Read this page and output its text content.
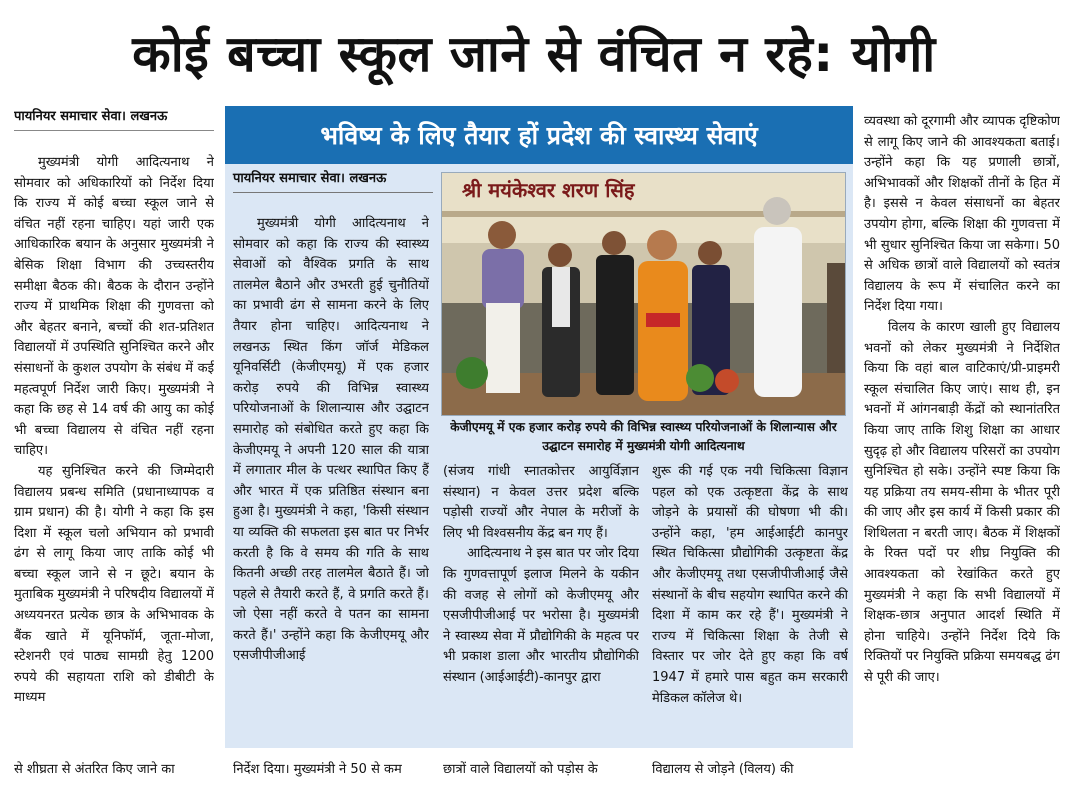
कोई बच्चा स्कूल जाने से वंचित न रहे: योगी
पायनियर समाचार सेवा। लखनऊ

मुख्यमंत्री योगी आदित्यनाथ ने सोमवार को अधिकारियों को निर्देश दिया कि राज्य में कोई बच्चा स्कूल जाने से वंचित नहीं रहना चाहिए। यहां जारी एक आधिकारिक बयान के अनुसार मुख्यमंत्री ने बेसिक शिक्षा विभाग की उच्चस्तरीय समीक्षा बैठक की। बैठक के दौरान उन्होंने राज्य में प्राथमिक शिक्षा की गुणवत्ता को और बेहतर बनाने, बच्चों की शत-प्रतिशत विद्यालयों में उपस्थिति सुनिश्चित करने और संसाधनों के कुशल उपयोग के संबंध में कई महत्वपूर्ण निर्देश जारी किए। मुख्यमंत्री ने कहा कि छह से 14 वर्ष की आयु का कोई भी बच्चा विद्यालय से वंचित नहीं रहना चाहिए।

यह सुनिश्चित करने की जिम्मेदारी विद्यालय प्रबन्ध समिति (प्रधानाध्यापक व ग्राम प्रधान) की है। योगी ने कहा कि इस दिशा में स्कूल चलो अभियान को प्रभावी ढंग से लागू किया जाए ताकि कोई भी बच्चा स्कूल जाने से न छूटे। बयान के मुताबिक मुख्यमंत्री ने परिषदीय विद्यालयों में अध्ययनरत प्रत्येक छात्र के अभिभावक के बैंक खाते में यूनिफॉर्म, जूता-मोजा, स्टेशनरी एवं पाठ्य सामग्री हेतु 1200 रुपये की सहायता राशि को डीबीटी के माध्यम

से शीघ्रता से अंतरित किए जाने का
भविष्य के लिए तैयार हों प्रदेश की स्वास्थ्य सेवाएं
पायनियर समाचार सेवा। लखनऊ

मुख्यमंत्री योगी आदित्यनाथ ने सोमवार को कहा कि राज्य की स्वास्थ्य सेवाओं को वैश्विक प्रगति के साथ तालमेल बैठाने और उभरती हुई चुनौतियों का प्रभावी ढंग से सामना करने के लिए तैयार होना चाहिए। आदित्यनाथ ने लखनऊ स्थित किंग जॉर्ज मेडिकल यूनिवर्सिटी (केजीएमयू) में एक हजार करोड़ रुपये की विभिन्न स्वास्थ्य परियोजनाओं के शिलान्यास और उद्घाटन समारोह को संबोधित करते हुए कहा कि केजीएमयू ने अपनी 120 साल की यात्रा में लगातार मील के पत्थर स्थापित किए हैं और भारत में एक प्रतिष्ठित संस्थान बना हुआ है। मुख्यमंत्री ने कहा, 'किसी संस्थान या व्यक्ति की सफलता इस बात पर निर्भर करती है कि वे समय की गति के साथ कितनी अच्छी तरह तालमेल बैठाते हैं। जो पहले से तैयारी करते हैं, वे प्रगति करते हैं। जो ऐसा नहीं करते वे पतन का सामना करते हैं।' उन्होंने कहा कि केजीएमयू और एसजीपीजीआई

निर्देश दिया। मुख्यमंत्री ने 50 से कम
श्री मयंकेश्वर शरण सिंह
केजीएमयू में एक हजार करोड़ रुपये की विभिन्न स्वास्थ्य परियोजनाओं के शिलान्यास और उद्घाटन समारोह में मुख्यमंत्री योगी आदित्यनाथ

(संजय गांधी स्नातकोत्तर आयुर्विज्ञान संस्थान) न केवल उत्तर प्रदेश बल्कि पड़ोसी राज्यों और नेपाल के मरीजों के लिए भी विश्वसनीय केंद्र बन गए हैं।

आदित्यनाथ ने इस बात पर जोर दिया कि गुणवत्तापूर्ण इलाज मिलने के यकीन की वजह से लोगों को केजीएमयू और एसजीपीजीआई पर भरोसा है। मुख्यमंत्री ने स्वास्थ्य सेवा में प्रौद्योगिकी के महत्व पर भी प्रकाश डाला और भारतीय प्रौद्योगिकी संस्थान (आईआईटी)-कानपुर द्वारा

छात्रों वाले विद्यालयों को पड़ोस के

शुरू की गई एक नयी चिकित्सा विज्ञान पहल को एक उत्कृष्टता केंद्र के साथ जोड़ने के प्रयासों की घोषणा भी की। उन्होंने कहा, 'हम आईआईटी कानपुर स्थित चिकित्सा प्रौद्योगिकी उत्कृष्टता केंद्र और केजीएमयू तथा एसजीपीजीआई जैसे संस्थानों के बीच सहयोग स्थापित करने की दिशा में काम कर रहे हैं'। मुख्यमंत्री ने राज्य में चिकित्सा शिक्षा के तेजी से विस्तार पर जोर देते हुए कहा कि वर्ष 1947 में हमारे पास बहुत कम सरकारी मेडिकल कॉलेज थे।

विद्यालय से जोड़ने (विलय) की

व्यवस्था को दूरगामी और व्यापक दृष्टिकोण से लागू किए जाने की आवश्यकता बताई। उन्होंने कहा कि यह प्रणाली छात्रों, अभिभावकों और शिक्षकों तीनों के हित में है। इससे न केवल संसाधनों का बेहतर उपयोग होगा, बल्कि शिक्षा की गुणवत्ता में भी सुधार सुनिश्चित किया जा सकेगा। 50 से अधिक छात्रों वाले विद्यालयों को स्वतंत्र विद्यालय के रूप में संचालित करने का निर्देश दिया गया।

विलय के कारण खाली हुए विद्यालय भवनों को लेकर मुख्यमंत्री ने निर्देशित किया कि वहां बाल वाटिकाएं/प्री-प्राइमरी स्कूल संचालित किए जाएं। साथ ही, इन भवनों में आंगनबाड़ी केंद्रों को स्थानांतरित किया जाए ताकि शिशु शिक्षा का आधार सुदृढ़ हो और विद्यालय परिसरों का उपयोग सुनिश्चित हो सके। उन्होंने स्पष्ट किया कि यह प्रक्रिया तय समय-सीमा के भीतर पूरी की जाए और इस कार्य में किसी प्रकार की शिथिलता न बरती जाए। बैठक में शिक्षकों के रिक्त पदों पर शीघ्र नियुक्ति की आवश्यकता को रेखांकित करते हुए मुख्यमंत्री ने कहा कि सभी विद्यालयों में शिक्षक-छात्र अनुपात आदर्श स्थिति में होना चाहिये। उन्होंने निर्देश दिये कि रिक्तियों पर नियुक्ति प्रक्रिया समयबद्ध ढंग से पूरी की जाए।
